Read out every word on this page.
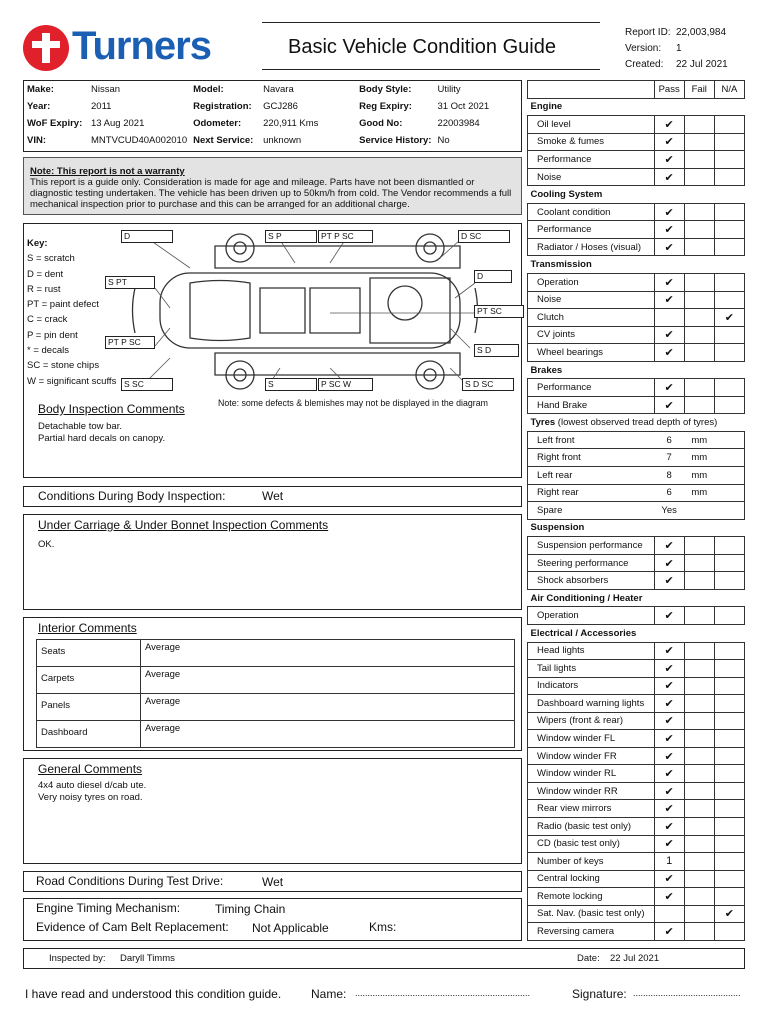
Turners	Basic Vehicle Condition Guide
Report ID: 22,003,984
Version: 1
Created: 22 Jul 2021
Make:	Nissan	Model:	Navara	Body Style:	Utility
Year:	2011	Registration:	GCJ286	Reg Expiry:	31 Oct 2021
WoF Expiry:	13 Aug 2021	Odometer:	220,911 Kms	Good No:	22003984
VIN:	MNTVCUD40A002010	Next Service:	unknown	Service History:	No
Note: This report is not a warranty
This report is a guide only. Consideration is made for age and mileage. Parts have not been dismantled or diagnostic testing undertaken. The vehicle has been driven up to 50km/h from cold. The Vendor recommends a full mechanical inspection prior to purchase and this can be arranged for an additional charge.
Key:
S = scratch
D = dent
R = rust
PT = paint defect
C = crack
P = pin dent
* = decals
SC = stone chips
W = significant scuffs
D	S P	PT P SC	D SC
S PT
D
PT SC
PT P SC
S D
S SC	S	P SC W	S D SC
Note: some defects & blemishes may not be displayed in the diagram
Body Inspection Comments
Detachable tow bar.
Partial hard decals on canopy.
Conditions During Body Inspection:	Wet
Under Carriage & Under Bonnet Inspection Comments
OK.
Interior Comments
Seats	Average
Carpets	Average
Panels	Average
Dashboard	Average
General Comments
4x4 auto diesel d/cab ute.
Very noisy tyres on road.
Road Conditions During Test Drive:	Wet
Engine Timing Mechanism:	Timing Chain
Evidence of Cam Belt Replacement: Not Applicable	Kms:
Inspected by: Daryll Timms	Date: 22 Jul 2021
I have read and understood this condition guide. Name: ......................................................................	Signature: ...........................................
	Pass	Fail	N/A
Engine			
Oil level	✔		
Smoke & fumes	✔		
Performance	✔		
Noise	✔		
Cooling System			
Coolant condition	✔		
Performance	✔		
Radiator / Hoses (visual)	✔		
Transmission			
Operation	✔		
Noise	✔		
Clutch			✔
CV joints	✔		
Wheel bearings	✔		
Brakes			
Performance	✔		
Hand Brake	✔		
Tyres (lowest observed tread depth of tyres)			
Left front	6	mm	
Right front	7	mm	
Left rear	8	mm	
Right rear	6	mm	
Spare	Yes		
Suspension			
Suspension performance	✔		
Steering performance	✔		
Shock absorbers	✔		
Air Conditioning / Heater			
Operation	✔		
Electrical / Accessories			
Head lights	✔		
Tail lights	✔		
Indicators	✔		
Dashboard warning lights	✔		
Wipers (front & rear)	✔		
Window winder FL	✔		
Window winder FR	✔		
Window winder RL	✔		
Window winder RR	✔		
Rear view mirrors	✔		
Radio (basic test only)	✔		
CD (basic test only)	✔		
Number of keys	1		
Central locking	✔		
Remote locking	✔		
Sat. Nav. (basic test only)			✔
Reversing camera	✔		
